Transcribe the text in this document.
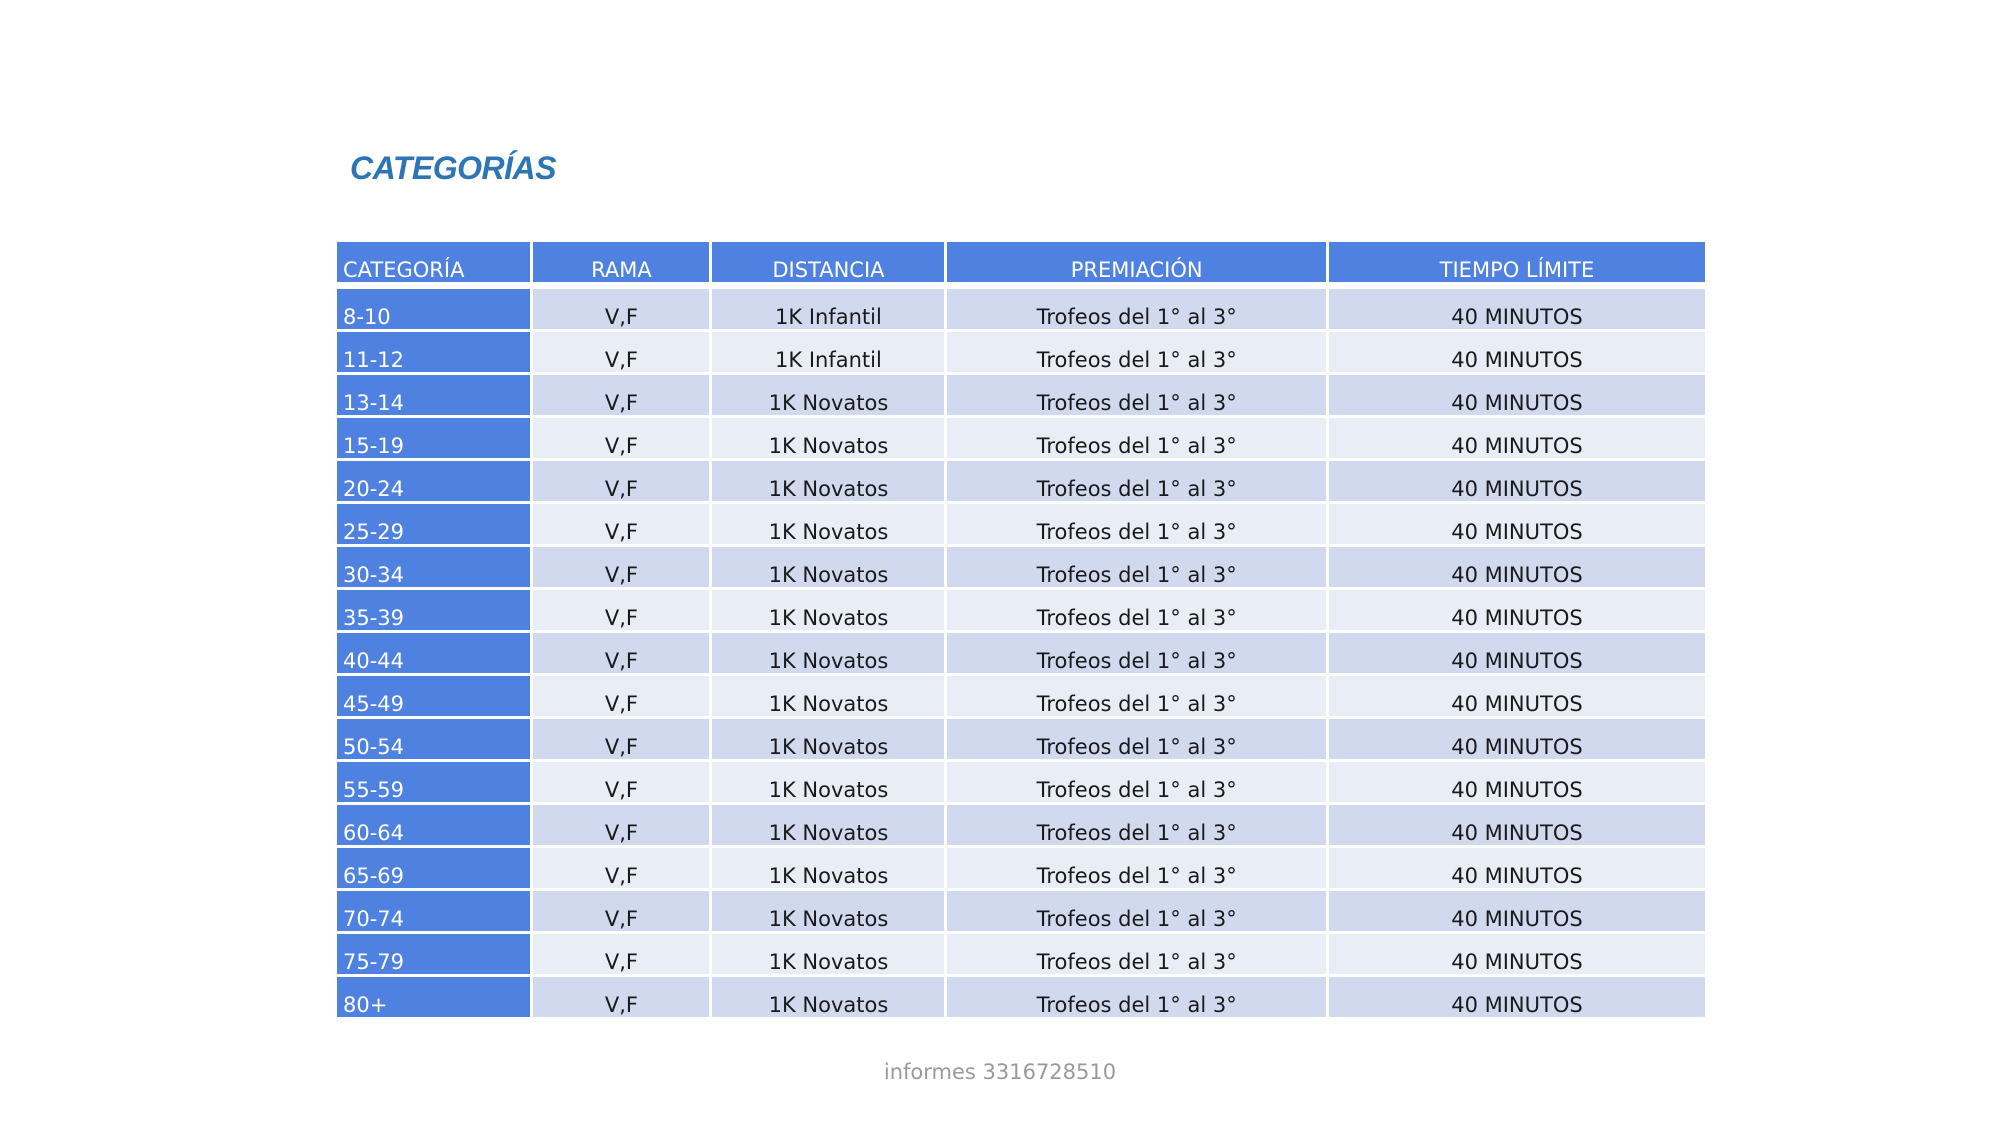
CATEGORÍAS
CATEGORÍA	RAMA	DISTANCIA	PREMIACIÓN	TIEMPO LÍMITE
8-10	V,F	1K Infantil	Trofeos del 1° al 3°	40 MINUTOS
11-12	V,F	1K Infantil	Trofeos del 1° al 3°	40 MINUTOS
13-14	V,F	1K Novatos	Trofeos del 1° al 3°	40 MINUTOS
15-19	V,F	1K Novatos	Trofeos del 1° al 3°	40 MINUTOS
20-24	V,F	1K Novatos	Trofeos del 1° al 3°	40 MINUTOS
25-29	V,F	1K Novatos	Trofeos del 1° al 3°	40 MINUTOS
30-34	V,F	1K Novatos	Trofeos del 1° al 3°	40 MINUTOS
35-39	V,F	1K Novatos	Trofeos del 1° al 3°	40 MINUTOS
40-44	V,F	1K Novatos	Trofeos del 1° al 3°	40 MINUTOS
45-49	V,F	1K Novatos	Trofeos del 1° al 3°	40 MINUTOS
50-54	V,F	1K Novatos	Trofeos del 1° al 3°	40 MINUTOS
55-59	V,F	1K Novatos	Trofeos del 1° al 3°	40 MINUTOS
60-64	V,F	1K Novatos	Trofeos del 1° al 3°	40 MINUTOS
65-69	V,F	1K Novatos	Trofeos del 1° al 3°	40 MINUTOS
70-74	V,F	1K Novatos	Trofeos del 1° al 3°	40 MINUTOS
75-79	V,F	1K Novatos	Trofeos del 1° al 3°	40 MINUTOS
80+	V,F	1K Novatos	Trofeos del 1° al 3°	40 MINUTOS

informes 3316728510
